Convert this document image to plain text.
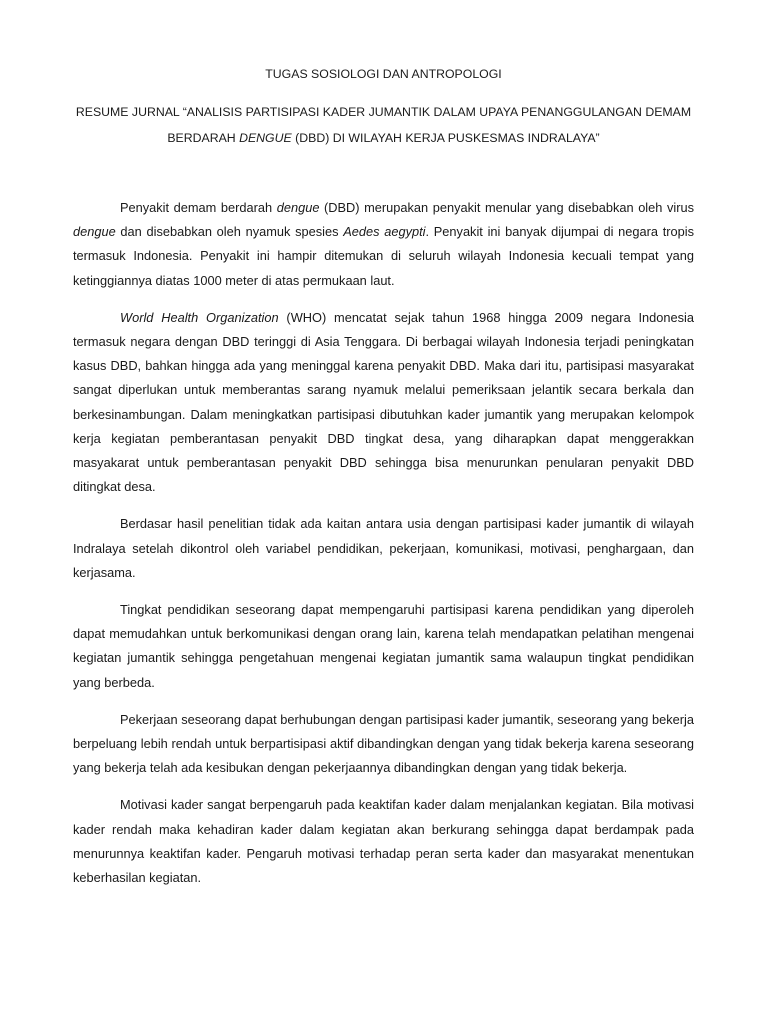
TUGAS SOSIOLOGI DAN ANTROPOLOGI
RESUME JURNAL “ANALISIS PARTISIPASI KADER JUMANTIK DALAM UPAYA PENANGGULANGAN DEMAM BERDARAH DENGUE (DBD) DI WILAYAH KERJA PUSKESMAS INDRALAYA”

Penyakit demam berdarah dengue (DBD) merupakan penyakit menular yang disebabkan oleh virus dengue dan disebabkan oleh nyamuk spesies Aedes aegypti. Penyakit ini banyak dijumpai di negara tropis termasuk Indonesia. Penyakit ini hampir ditemukan di seluruh wilayah Indonesia kecuali tempat yang ketinggiannya diatas 1000 meter di atas permukaan laut.

World Health Organization (WHO) mencatat sejak tahun 1968 hingga 2009 negara Indonesia termasuk negara dengan DBD teringgi di Asia Tenggara. Di berbagai wilayah Indonesia terjadi peningkatan kasus DBD, bahkan hingga ada yang meninggal karena penyakit DBD. Maka dari itu, partisipasi masyarakat sangat diperlukan untuk memberantas sarang nyamuk melalui pemeriksaan jelantik secara berkala dan berkesinambungan. Dalam meningkatkan partisipasi dibutuhkan kader jumantik yang merupakan kelompok kerja kegiatan pemberantasan penyakit DBD tingkat desa, yang diharapkan dapat menggerakkan masyakarat untuk pemberantasan penyakit DBD sehingga bisa menurunkan penularan penyakit DBD ditingkat desa.

Berdasar hasil penelitian tidak ada kaitan antara usia dengan partisipasi kader jumantik di wilayah Indralaya setelah dikontrol oleh variabel pendidikan, pekerjaan, komunikasi, motivasi, penghargaan, dan kerjasama.

Tingkat pendidikan seseorang dapat mempengaruhi partisipasi karena pendidikan yang diperoleh dapat memudahkan untuk berkomunikasi dengan orang lain, karena telah mendapatkan pelatihan mengenai kegiatan jumantik sehingga pengetahuan mengenai kegiatan jumantik sama walaupun tingkat pendidikan yang berbeda.

Pekerjaan seseorang dapat berhubungan dengan partisipasi kader jumantik, seseorang yang bekerja berpeluang lebih rendah untuk berpartisipasi aktif dibandingkan dengan yang tidak bekerja karena seseorang yang bekerja telah ada kesibukan dengan pekerjaannya dibandingkan dengan yang tidak bekerja.

Motivasi kader sangat berpengaruh pada keaktifan kader dalam menjalankan kegiatan. Bila motivasi kader rendah maka kehadiran kader dalam kegiatan akan berkurang sehingga dapat berdampak pada menurunnya keaktifan kader. Pengaruh motivasi terhadap peran serta kader dan masyarakat menentukan keberhasilan kegiatan.
